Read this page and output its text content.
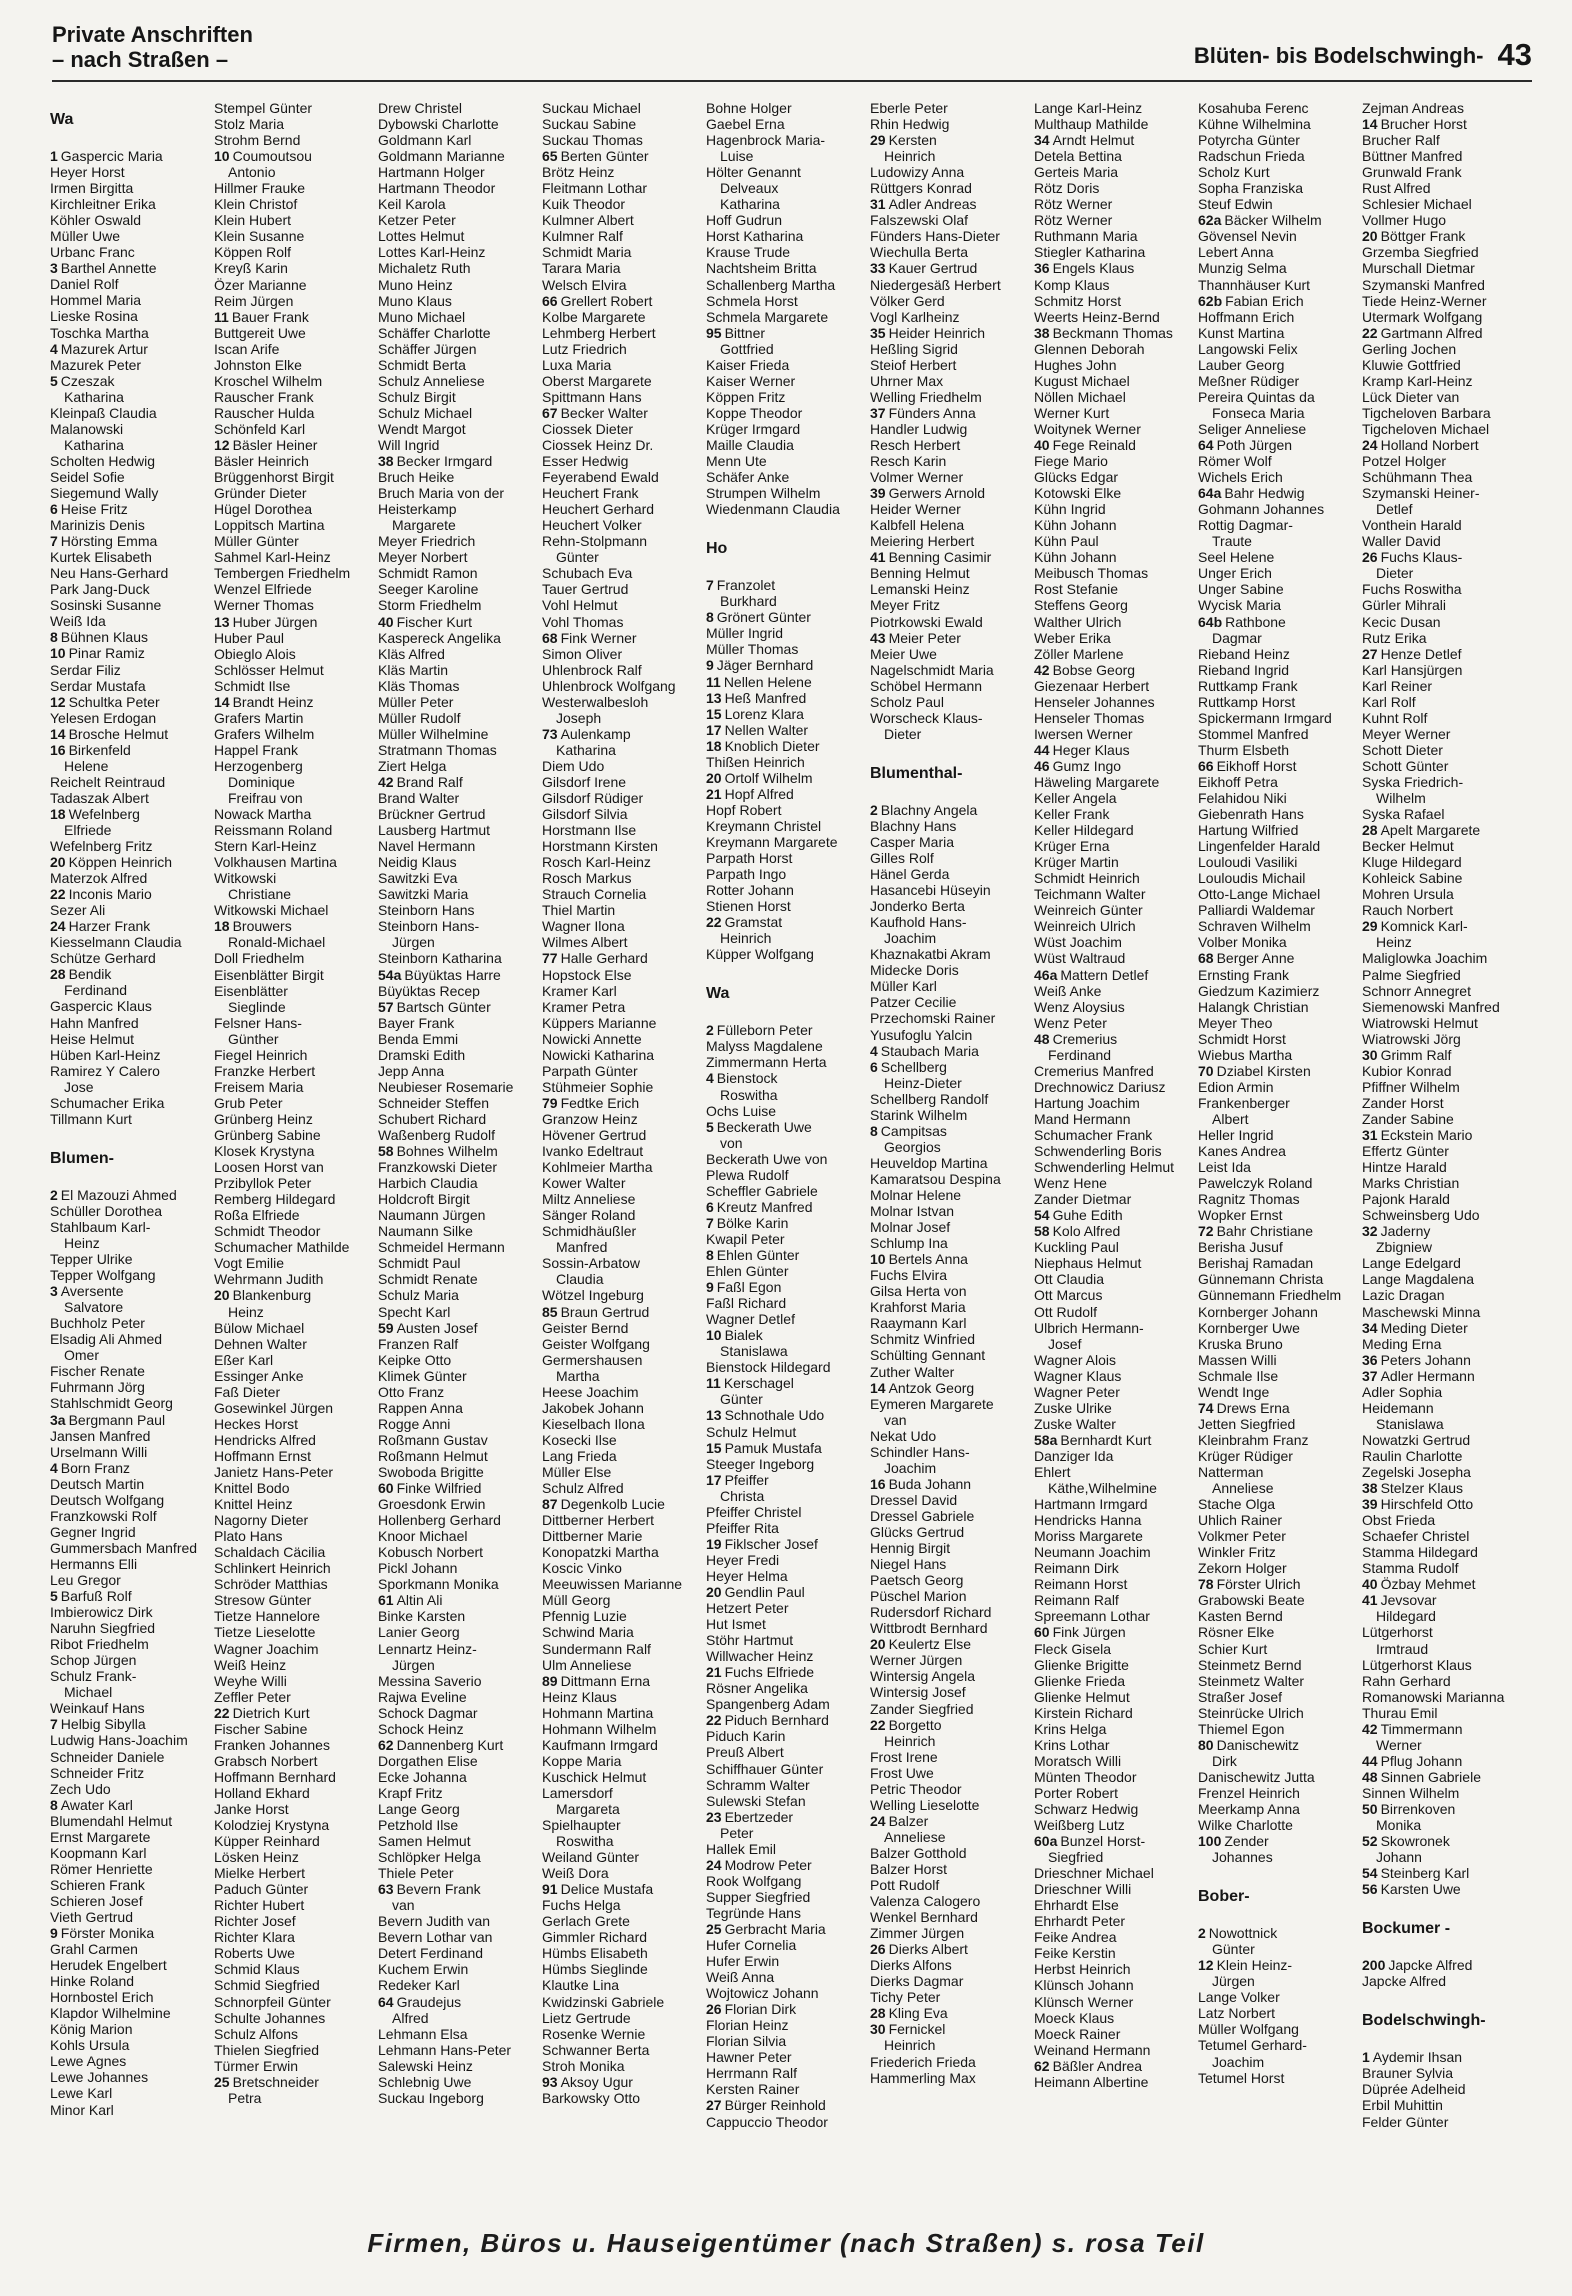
Private Anschriften
– nach Straßen –	Blüten- bis Bodelschwingh- 43
Wa
1 Gaspercic Maria
Heyer Horst
Irmen Birgitta
Kirchleitner Erika
Köhler Oswald
Müller Uwe
Urbanc Franc
3 Barthel Annette
Daniel Rolf
Hommel Maria
Lieske Rosina
Toschka Martha
4 Mazurek Artur
Mazurek Peter
5 Czeszak
Katharina
Kleinpaß Claudia
Malanowski
Katharina
Scholten Hedwig
Seidel Sofie
Siegemund Wally
6 Heise Fritz
Marinizis Denis
7 Hörsting Emma
Kurtek Elisabeth
Neu Hans-Gerhard
Park Jang-Duck
Sosinski Susanne
Weiß Ida
8 Bühnen Klaus
10 Pinar Ramiz
Serdar Filiz
Serdar Mustafa
12 Schultka Peter
Yelesen Erdogan
14 Brosche Helmut
16 Birkenfeld
Helene
Reichelt Reintraud
Tadaszak Albert
18 Wefelnberg
Elfriede
Wefelnberg Fritz
20 Köppen Heinrich
Materzok Alfred
22 Inconis Mario
Sezer Ali
24 Harzer Frank
Kiesselmann Claudia
Schütze Gerhard
28 Bendik
Ferdinand
Gaspercic Klaus
Hahn Manfred
Heise Helmut
Hüben Karl-Heinz
Ramirez Y Calero
Jose
Schumacher Erika
Tillmann Kurt
Blumen-
2 El Mazouzi Ahmed
Schüller Dorothea
Stahlbaum Karl-
Heinz
Tepper Ulrike
Tepper Wolfgang
3 Aversente
Salvatore
Buchholz Peter
Elsadig Ali Ahmed
Omer
Fischer Renate
Fuhrmann Jörg
Stahlschmidt Georg
3a Bergmann Paul
Jansen Manfred
Urselmann Willi
4 Born Franz
Deutsch Martin
Deutsch Wolfgang
Franzkowski Rolf
Gegner Ingrid
Gummersbach Manfred
Hermanns Elli
Leu Gregor
5 Barfuß Rolf
Imbierowicz Dirk
Naruhn Siegfried
Ribot Friedhelm
Schop Jürgen
Schulz Frank-
Michael
Weinkauf Hans
7 Helbig Sibylla
Ludwig Hans-Joachim
Schneider Daniele
Schneider Fritz
Zech Udo
8 Awater Karl
Blumendahl Helmut
Ernst Margarete
Koopmann Karl
Römer Henriette
Schieren Frank
Schieren Josef
Vieth Gertrud
9 Förster Monika
Grahl Carmen
Herudek Engelbert
Hinke Roland
Hornbostel Erich
Klapdor Wilhelmine
König Marion
Kohls Ursula
Lewe Agnes
Lewe Johannes
Lewe Karl
Minor Karl
Stempel Günter
Stolz Maria
Strohm Bernd
10 Coumoutsou
Antonio
Hillmer Frauke
Klein Christof
Klein Hubert
Klein Susanne
Köppen Rolf
Kreyß Karin
Özer Marianne
Reim Jürgen
11 Bauer Frank
Buttgereit Uwe
Iscan Arife
Johnston Elke
Kroschel Wilhelm
Rauscher Frank
Rauscher Hulda
Schönfeld Karl
12 Bäsler Heiner
Bäsler Heinrich
Brüggenhorst Birgit
Gründer Dieter
Hügel Dorothea
Loppitsch Martina
Müller Günter
Sahmel Karl-Heinz
Tembergen Friedhelm
Wenzel Elfriede
Werner Thomas
13 Huber Jürgen
Huber Paul
Obieglo Alois
Schlösser Helmut
Schmidt Ilse
14 Brandt Heinz
Grafers Martin
Grafers Wilhelm
Happel Frank
Herzogenberg
Dominique
Freifrau von
Nowack Martha
Reissmann Roland
Stern Karl-Heinz
Volkhausen Martina
Witkowski
Christiane
Witkowski Michael
18 Brouwers
Ronald-Michael
Doll Friedhelm
Eisenblätter Birgit
Eisenblätter
Sieglinde
Felsner Hans-
Günther
Fiegel Heinrich
Franzke Herbert
Freisem Maria
Grub Peter
Grünberg Heinz
Grünberg Sabine
Klosek Krystyna
Loosen Horst van
Przibyllok Peter
Remberg Hildegard
Roßa Elfriede
Schmidt Theodor
Schumacher Mathilde
Vogt Emilie
Wehrmann Judith
20 Blankenburg
Heinz
Bülow Michael
Dehnen Walter
Eßer Karl
Essinger Anke
Faß Dieter
Gosewinkel Jürgen
Heckes Horst
Hendricks Alfred
Hoffmann Ernst
Janietz Hans-Peter
Knittel Bodo
Knittel Heinz
Nagorny Dieter
Plato Hans
Schaldach Cäcilia
Schlinkert Heinrich
Schröder Matthias
Stresow Günter
Tietze Hannelore
Tietze Lieselotte
Wagner Joachim
Weiß Heinz
Weyhe Willi
Zeffler Peter
22 Dietrich Kurt
Fischer Sabine
Franken Johannes
Grabsch Norbert
Hoffmann Bernhard
Holland Ekhard
Janke Horst
Kolodziej Krystyna
Küpper Reinhard
Lösken Heinz
Mielke Herbert
Paduch Günter
Richter Hubert
Richter Josef
Richter Klara
Roberts Uwe
Schmid Klaus
Schmid Siegfried
Schnorpfeil Günter
Schulte Johannes
Schulz Alfons
Thielen Siegfried
Türmer Erwin
25 Bretschneider
Petra
Drew Christel
Dybowski Charlotte
Goldmann Karl
Goldmann Marianne
Hartmann Holger
Hartmann Theodor
Keil Karola
Ketzer Peter
Lottes Helmut
Lottes Karl-Heinz
Michaletz Ruth
Muno Heinz
Muno Klaus
Muno Michael
Schäffer Charlotte
Schäffer Jürgen
Schmidt Berta
Schulz Anneliese
Schulz Birgit
Schulz Michael
Wendt Margot
Will Ingrid
38 Becker Irmgard
Bruch Heike
Bruch Maria von der
Heisterkamp
Margarete
Meyer Friedrich
Meyer Norbert
Schmidt Ramon
Seeger Karoline
Storm Friedhelm
40 Fischer Kurt
Kaspereck Angelika
Kläs Alfred
Kläs Martin
Kläs Thomas
Müller Peter
Müller Rudolf
Müller Wilhelmine
Stratmann Thomas
Ziert Helga
42 Brand Ralf
Brand Walter
Brückner Gertrud
Lausberg Hartmut
Navel Hermann
Neidig Klaus
Sawitzki Eva
Sawitzki Maria
Steinborn Hans
Steinborn Hans-
Jürgen
Steinborn Katharina
54a Büyüktas Harre
Büyüktas Recep
57 Bartsch Günter
Bayer Frank
Benda Emmi
Dramski Edith
Jepp Anna
Neubieser Rosemarie
Schneider Steffen
Schubert Richard
Waßenberg Rudolf
58 Bohnes Wilhelm
Franzkowski Dieter
Harbich Claudia
Holdcroft Birgit
Naumann Jürgen
Naumann Silke
Schmeidel Hermann
Schmidt Paul
Schmidt Renate
Schulz Maria
Specht Karl
59 Austen Josef
Franzen Ralf
Keipke Otto
Klimek Günter
Otto Franz
Rappen Anna
Rogge Anni
Roßmann Gustav
Roßmann Helmut
Swoboda Brigitte
60 Finke Wilfried
Groesdonk Erwin
Hollenberg Gerhard
Knoor Michael
Kobusch Norbert
Pickl Johann
Sporkmann Monika
61 Altin Ali
Binke Karsten
Lanier Georg
Lennartz Heinz-
Jürgen
Messina Saverio
Rajwa Eveline
Schock Dagmar
Schock Heinz
62 Dannenberg Kurt
Dorgathen Elise
Ecke Johanna
Krapf Fritz
Lange Georg
Petzhold Ilse
Samen Helmut
Schlöpker Helga
Thiele Peter
63 Bevern Frank
van
Bevern Judith van
Bevern Lothar van
Detert Ferdinand
Kuchem Erwin
Redeker Karl
64 Graudejus
Alfred
Lehmann Elsa
Lehmann Hans-Peter
Salewski Heinz
Schlebnig Uwe
Suckau Ingeborg
Suckau Michael
Suckau Sabine
Suckau Thomas
65 Berten Günter
Brötz Heinz
Fleitmann Lothar
Kuik Theodor
Kulmner Albert
Kulmner Ralf
Schmidt Maria
Tarara Maria
Welsch Elvira
66 Grellert Robert
Kolbe Margarete
Lehmberg Herbert
Lutz Friedrich
Luxa Maria
Oberst Margarete
Spittmann Hans
67 Becker Walter
Ciossek Dieter
Ciossek Heinz Dr.
Esser Hedwig
Feyerabend Ewald
Heuchert Frank
Heuchert Gerhard
Heuchert Volker
Rehn-Stolpmann
Günter
Schubach Eva
Tauer Gertrud
Vohl Helmut
Vohl Thomas
68 Fink Werner
Simon Oliver
Uhlenbrock Ralf
Uhlenbrock Wolfgang
Westerwalbesloh
Joseph
73 Aulenkamp
Katharina
Diem Udo
Gilsdorf Irene
Gilsdorf Rüdiger
Gilsdorf Silvia
Horstmann Ilse
Horstmann Kirsten
Rosch Karl-Heinz
Rosch Markus
Strauch Cornelia
Thiel Martin
Wagner Ilona
Wilmes Albert
77 Halle Gerhard
Hopstock Else
Kramer Karl
Kramer Petra
Küppers Marianne
Nowicki Annette
Nowicki Katharina
Parpath Günter
Stühmeier Sophie
79 Fedtke Erich
Granzow Heinz
Hövener Gertrud
Ivanko Edeltraut
Kohlmeier Martha
Kower Walter
Miltz Anneliese
Sänger Roland
Schmidhäußler
Manfred
Sossin-Arbatow
Claudia
Wötzel Ingeburg
85 Braun Gertrud
Geister Bernd
Geister Wolfgang
Germershausen
Martha
Heese Joachim
Jakobek Johann
Kieselbach Ilona
Kosecki Ilse
Lang Frieda
Müller Else
Schulz Alfred
87 Degenkolb Lucie
Dittberner Herbert
Dittberner Marie
Konopatzki Martha
Koscic Vinko
Meeuwissen Marianne
Müll Georg
Pfennig Luzie
Schwind Maria
Sundermann Ralf
Ulm Anneliese
89 Dittmann Erna
Heinz Klaus
Hohmann Martina
Hohmann Wilhelm
Kaufmann Irmgard
Koppe Maria
Kuschick Helmut
Lamersdorf
Margareta
Spielhaupter
Roswitha
Weiland Günter
Weiß Dora
91 Delice Mustafa
Fuchs Helga
Gerlach Grete
Gimmler Richard
Hümbs Elisabeth
Hümbs Sieglinde
Klautke Lina
Kwidzinski Gabriele
Lietz Gertrude
Rosenke Wernie
Schwanner Berta
Stroh Monika
93 Aksoy Ugur
Barkowsky Otto
Bohne Holger
Gaebel Erna
Hagenbrock Maria-
Luise
Hölter Genannt
Delveaux
Katharina
Hoff Gudrun
Horst Katharina
Krause Trude
Nachtsheim Britta
Schallenberg Martha
Schmela Horst
Schmela Margarete
95 Bittner
Gottfried
Kaiser Frieda
Kaiser Werner
Köppen Fritz
Koppe Theodor
Krüger Irmgard
Maille Claudia
Menn Ute
Schäfer Anke
Strumpen Wilhelm
Wiedenmann Claudia
Ho
7 Franzolet
Burkhard
8 Grönert Günter
Müller Ingrid
Müller Thomas
9 Jäger Bernhard
11 Nellen Helene
13 Heß Manfred
15 Lorenz Klara
17 Nellen Walter
18 Knoblich Dieter
Thißen Heinrich
20 Ortolf Wilhelm
21 Hopf Alfred
Hopf Robert
Kreymann Christel
Kreymann Margarete
Parpath Horst
Parpath Ingo
Rotter Johann
Stienen Horst
22 Gramstat
Heinrich
Küpper Wolfgang
Wa
2 Fülleborn Peter
Malyss Magdalene
Zimmermann Herta
4 Bienstock
Roswitha
Ochs Luise
5 Beckerath Uwe
von
Beckerath Uwe von
Plewa Rudolf
Scheffler Gabriele
6 Kreutz Manfred
7 Bölke Karin
Kwapil Peter
8 Ehlen Günter
Ehlen Günter
9 Faßl Egon
Faßl Richard
Wagner Detlef
10 Bialek
Stanislawa
Bienstock Hildegard
11 Kerschagel
Günter
13 Schnothale Udo
Schulz Helmut
15 Pamuk Mustafa
Steeger Ingeborg
17 Pfeiffer
Christa
Pfeiffer Christel
Pfeiffer Rita
19 Fiklscher Josef
Heyer Fredi
Heyer Helma
20 Gendlin Paul
Hetzert Peter
Hut Ismet
Stöhr Hartmut
Willwacher Heinz
21 Fuchs Elfriede
Rösner Angelika
Spangenberg Adam
22 Piduch Bernhard
Piduch Karin
Preuß Albert
Schiffhauer Günter
Schramm Walter
Sulewski Stefan
23 Ebertzeder
Peter
Hallek Emil
24 Modrow Peter
Rook Wolfgang
Supper Siegfried
Tegründe Hans
25 Gerbracht Maria
Hufer Cornelia
Hufer Erwin
Weiß Anna
Wojtowicz Johann
26 Florian Dirk
Florian Heinz
Florian Silvia
Hawner Peter
Herrmann Ralf
Kersten Rainer
27 Bürger Reinhold
Cappuccio Theodor
Eberle Peter
Rhin Hedwig
29 Kersten
Heinrich
Ludowizy Anna
Rüttgers Konrad
31 Adler Andreas
Falszewski Olaf
Fünders Hans-Dieter
Wiechulla Berta
33 Kauer Gertrud
Niedergesäß Herbert
Völker Gerd
Vogl Karlheinz
35 Heider Heinrich
Heßling Sigrid
Steiof Herbert
Uhrner Max
Welling Friedhelm
37 Fünders Anna
Handler Ludwig
Resch Herbert
Resch Karin
Volmer Werner
39 Gerwers Arnold
Heider Werner
Kalbfell Helena
Meiering Herbert
41 Benning Casimir
Benning Helmut
Lemanski Heinz
Meyer Fritz
Piotrkowski Ewald
43 Meier Peter
Meier Uwe
Nagelschmidt Maria
Schöbel Hermann
Scholz Paul
Worscheck Klaus-
Dieter
Blumenthal-
2 Blachny Angela
Blachny Hans
Casper Maria
Gilles Rolf
Hänel Gerda
Hasancebi Hüseyin
Jonderko Berta
Kaufhold Hans-
Joachim
Khaznakatbi Akram
Midecke Doris
Müller Karl
Patzer Cecilie
Przechomski Rainer
Yusufoglu Yalcin
4 Staubach Maria
6 Schellberg
Heinz-Dieter
Schellberg Randolf
Starink Wilhelm
8 Campitsas
Georgios
Heuveldop Martina
Kamaratsou Despina
Molnar Helene
Molnar Istvan
Molnar Josef
Schlump Ina
10 Bertels Anna
Fuchs Elvira
Gilsa Herta von
Krahforst Maria
Raaymann Karl
Schmitz Winfried
Schülting Gennant
Zuther Walter
14 Antzok Georg
Eymeren Margarete
van
Nekat Udo
Schindler Hans-
Joachim
16 Buda Johann
Dressel David
Dressel Gabriele
Glücks Gertrud
Hennig Birgit
Niegel Hans
Paetsch Georg
Püschel Marion
Rudersdorf Richard
Wittbrodt Bernhard
20 Keulertz Else
Werner Jürgen
Wintersig Angela
Wintersig Josef
Zander Siegfried
22 Borgetto
Heinrich
Frost Irene
Frost Uwe
Petric Theodor
Welling Lieselotte
24 Balzer
Anneliese
Balzer Gotthold
Balzer Horst
Pott Rudolf
Valenza Calogero
Wenkel Bernhard
Zimmer Jürgen
26 Dierks Albert
Dierks Alfons
Dierks Dagmar
Tichy Peter
28 Kling Eva
30 Fernickel
Heinrich
Friederich Frieda
Hammerling Max
Lange Karl-Heinz
Multhaup Mathilde
34 Arndt Helmut
Detela Bettina
Gerteis Maria
Rötz Doris
Rötz Werner
Rötz Werner
Ruthmann Maria
Stiegler Katharina
36 Engels Klaus
Komp Klaus
Schmitz Horst
Weerts Heinz-Bernd
38 Beckmann Thomas
Glennen Deborah
Hughes John
Kugust Michael
Nöllen Michael
Werner Kurt
Woitynek Werner
40 Fege Reinald
Fiege Mario
Glücks Edgar
Kotowski Elke
Kühn Ingrid
Kühn Johann
Kühn Paul
Kühn Johann
Meibusch Thomas
Rost Stefanie
Steffens Georg
Walther Ulrich
Weber Erika
Zöller Marlene
42 Bobse Georg
Giezenaar Herbert
Henseler Johannes
Henseler Thomas
Iwersen Werner
44 Heger Klaus
46 Gumz Ingo
Häweling Margarete
Keller Angela
Keller Frank
Keller Hildegard
Krüger Erna
Krüger Martin
Schmidt Heinrich
Teichmann Walter
Weinreich Günter
Weinreich Ulrich
Wüst Joachim
Wüst Waltraud
46a Mattern Detlef
Weiß Anke
Wenz Aloysius
Wenz Peter
48 Cremerius
Ferdinand
Cremerius Manfred
Drechnowicz Dariusz
Hartung Joachim
Mand Hermann
Schumacher Frank
Schwenderling Boris
Schwenderling Helmut
Wenz Hene
Zander Dietmar
54 Guhe Edith
58 Kolo Alfred
Kuckling Paul
Niephaus Helmut
Ott Claudia
Ott Marcus
Ott Rudolf
Ulbrich Hermann-
Josef
Wagner Alois
Wagner Klaus
Wagner Peter
Zuske Ulrike
Zuske Walter
58a Bernhardt Kurt
Danziger Ida
Ehlert
Käthe,Wilhelmine
Hartmann Irmgard
Hendricks Hanna
Moriss Margarete
Neumann Joachim
Reimann Dirk
Reimann Horst
Reimann Ralf
Spreemann Lothar
60 Fink Jürgen
Fleck Gisela
Glienke Brigitte
Glienke Frieda
Glienke Helmut
Kirstein Richard
Krins Helga
Krins Lothar
Moratsch Willi
Münten Theodor
Porter Robert
Schwarz Hedwig
Weißberg Lutz
60a Bunzel Horst-
Siegfried
Drieschner Michael
Drieschner Willi
Ehrhardt Else
Ehrhardt Peter
Feike Andrea
Feike Kerstin
Herbst Heinrich
Klünsch Johann
Klünsch Werner
Moeck Klaus
Moeck Rainer
Weinand Hermann
62 Bäßler Andrea
Heimann Albertine
Kosahuba Ferenc
Kühne Wilhelmina
Potyrcha Günter
Radschun Frieda
Scholz Kurt
Sopha Franziska
Steuf Edwin
62a Bäcker Wilhelm
Gövensel Nevin
Lebert Anna
Munzig Selma
Thannhäuser Kurt
62b Fabian Erich
Hoffmann Erich
Kunst Martina
Langowski Felix
Lauber Georg
Meßner Rüdiger
Pereira Quintas da
Fonseca Maria
Seliger Anneliese
64 Poth Jürgen
Römer Wolf
Wichels Erich
64a Bahr Hedwig
Gohmann Johannes
Rottig Dagmar-
Traute
Seel Helene
Unger Erich
Unger Sabine
Wycisk Maria
64b Rathbone
Dagmar
Rieband Heinz
Rieband Ingrid
Ruttkamp Frank
Ruttkamp Horst
Spickermann Irmgard
Stommel Manfred
Thurm Elsbeth
66 Eikhoff Horst
Eikhoff Petra
Felahidou Niki
Giebenrath Hans
Hartung Wilfried
Lingenfelder Harald
Louloudi Vasiliki
Louloudis Michail
Otto-Lange Michael
Palliardi Waldemar
Schraven Wilhelm
Volber Monika
68 Berger Anne
Ernsting Frank
Giedzum Kazimierz
Halangk Christian
Meyer Theo
Schmidt Horst
Wiebus Martha
70 Dziabel Kirsten
Edion Armin
Frankenberger
Albert
Heller Ingrid
Kanes Andrea
Leist Ida
Pawelczyk Roland
Ragnitz Thomas
Wopker Ernst
72 Bahr Christiane
Berisha Jusuf
Berishaj Ramadan
Günnemann Christa
Günnemann Friedhelm
Kornberger Johann
Kornberger Uwe
Kruska Bruno
Massen Willi
Schmale Ilse
Wendt Inge
74 Drews Erna
Jetten Siegfried
Kleinbrahm Franz
Krüger Rüdiger
Natterman
Anneliese
Stache Olga
Uhlich Rainer
Volkmer Peter
Winkler Fritz
Zekorn Holger
78 Förster Ulrich
Grabowski Beate
Kasten Bernd
Rösner Elke
Schier Kurt
Steinmetz Bernd
Steinmetz Walter
Straßer Josef
Steinrücke Ulrich
Thiemel Egon
80 Danischewitz
Dirk
Danischewitz Jutta
Frenzel Heinrich
Meerkamp Anna
Wilke Charlotte
100 Zender
Johannes
Bober-
2 Nowottnick
Günter
12 Klein Heinz-
Jürgen
Lange Volker
Latz Norbert
Müller Wolfgang
Tetumel Gerhard-
Joachim
Tetumel Horst
Zejman Andreas
14 Brucher Horst
Brucher Ralf
Büttner Manfred
Grunwald Frank
Rust Alfred
Schlesier Michael
Vollmer Hugo
20 Böttger Frank
Grzemba Siegfried
Murschall Dietmar
Szymanski Manfred
Tiede Heinz-Werner
Utermark Wolfgang
22 Gartmann Alfred
Gerling Jochen
Kluwie Gottfried
Kramp Karl-Heinz
Lück Dieter van
Tigcheloven Barbara
Tigcheloven Michael
24 Holland Norbert
Potzel Holger
Schühmann Thea
Szymanski Heiner-
Detlef
Vonthein Harald
Waller David
26 Fuchs Klaus-
Dieter
Fuchs Roswitha
Gürler Mihrali
Kecic Dusan
Rutz Erika
27 Henze Detlef
Karl Hansjürgen
Karl Reiner
Karl Rolf
Kuhnt Rolf
Meyer Werner
Schott Dieter
Schott Günter
Syska Friedrich-
Wilhelm
Syska Rafael
28 Apelt Margarete
Becker Helmut
Kluge Hildegard
Kohleick Sabine
Mohren Ursula
Rauch Norbert
29 Komnick Karl-
Heinz
Maliglowka Joachim
Palme Siegfried
Schnorr Annegret
Siemenowski Manfred
Wiatrowski Helmut
Wiatrowski Jörg
30 Grimm Ralf
Kubior Konrad
Pfiffner Wilhelm
Zander Horst
Zander Sabine
31 Eckstein Mario
Effertz Günter
Hintze Harald
Marks Christian
Pajonk Harald
Schweinsberg Udo
32 Jaderny
Zbigniew
Lange Edelgard
Lange Magdalena
Lazic Dragan
Maschewski Minna
34 Meding Dieter
Meding Erna
36 Peters Johann
37 Adler Hermann
Adler Sophia
Heidemann
Stanislawa
Nowatzki Gertrud
Raulin Charlotte
Zegelski Josepha
38 Stelzer Klaus
39 Hirschfeld Otto
Obst Frieda
Schaefer Christel
Stamma Hildegard
Stamma Rudolf
40 Özbay Mehmet
41 Jevsovar
Hildegard
Lütgerhorst
Irmtraud
Lütgerhorst Klaus
Rahn Gerhard
Romanowski Marianna
Thurau Emil
42 Timmermann
Werner
44 Pflug Johann
48 Sinnen Gabriele
Sinnen Wilhelm
50 Birrenkoven
Monika
52 Skowronek
Johann
54 Steinberg Karl
56 Karsten Uwe
Bockumer -
200 Japcke Alfred
Japcke Alfred
Bodelschwingh-
1 Aydemir Ihsan
Brauner Sylvia
Düprée Adelheid
Erbil Muhittin
Felder Günter
Firmen, Büros u. Hauseigentümer (nach Straßen) s. rosa Teil
